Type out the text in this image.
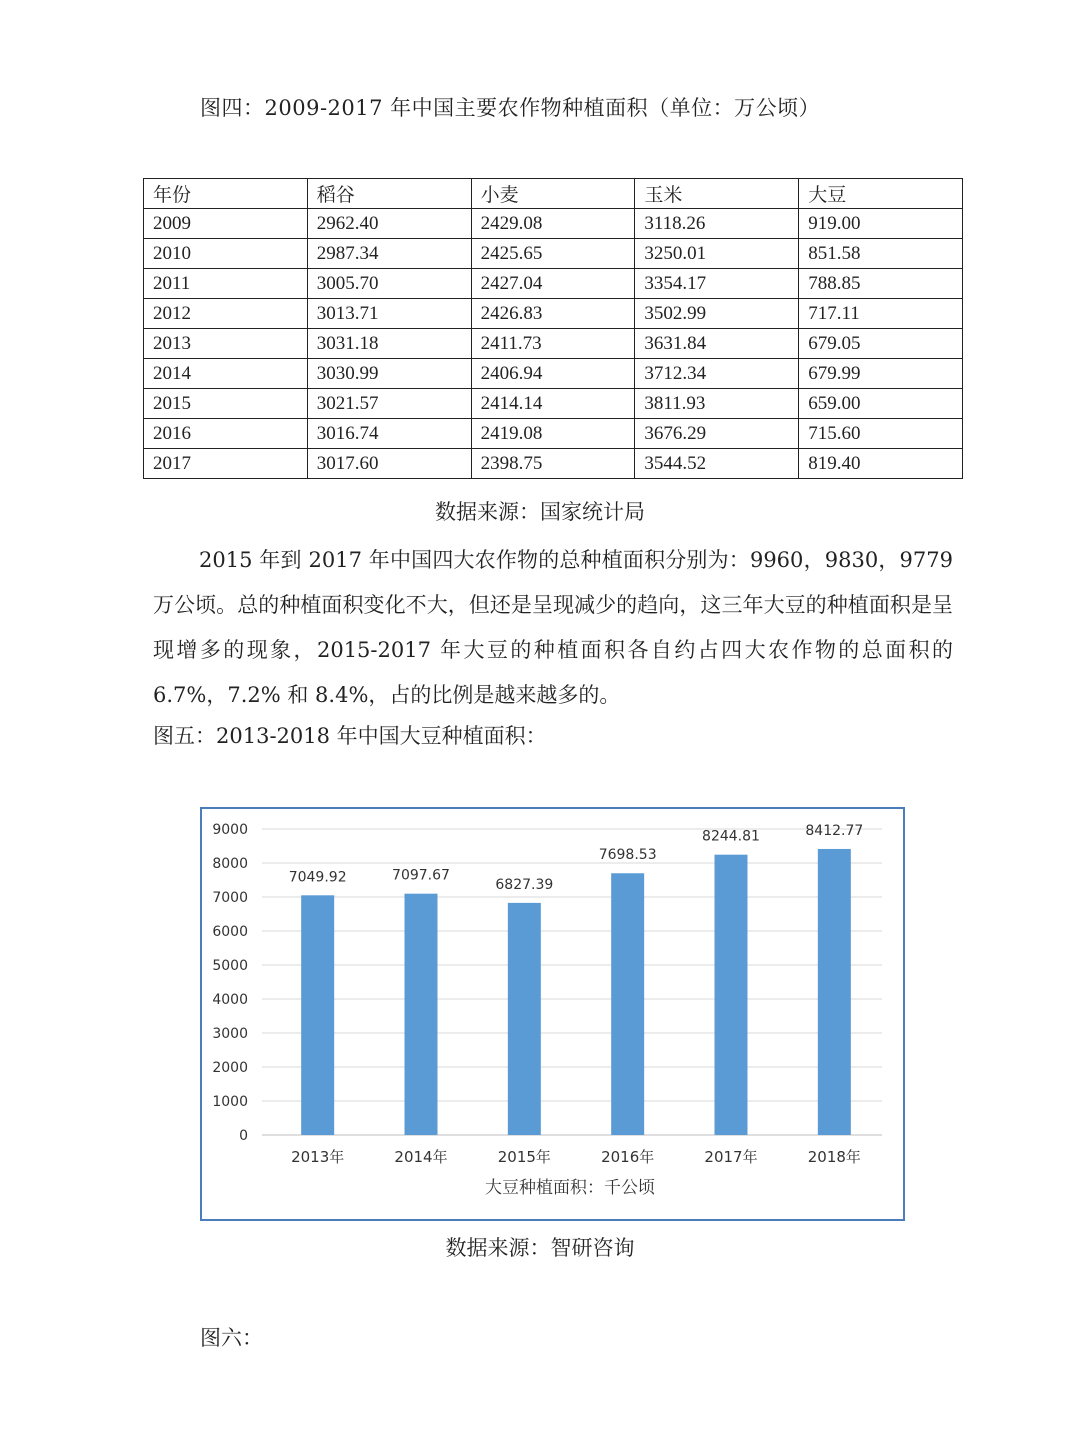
图四：2009-2017 年中国主要农作物种植面积（单位：万公顷）
年份	稻谷	小麦	玉米	大豆
2009	2962.40	2429.08	3118.26	919.00
2010	2987.34	2425.65	3250.01	851.58
2011	3005.70	2427.04	3354.17	788.85
2012	3013.71	2426.83	3502.99	717.11
2013	3031.18	2411.73	3631.84	679.05
2014	3030.99	2406.94	3712.34	679.99
2015	3021.57	2414.14	3811.93	659.00
2016	3016.74	2419.08	3676.29	715.60
2017	3017.60	2398.75	3544.52	819.40
数据来源：国家统计局
2015 年到 2017 年中国四大农作物的总种植面积分别为：9960，9830，9779 万公顷。总的种植面积变化不大，但还是呈现减少的趋向，这三年大豆的种植面积是呈现增多的现象，2015-2017 年大豆的种植面积各自约占四大农作物的总面积的 6.7%，7.2% 和 8.4%，占的比例是越来越多的。
图五：2013-2018 年中国大豆种植面积：
0
1000
2000
3000
4000
5000
6000
7000
8000
9000
7049.92	7097.67
6827.39
7698.53
8244.81	8412.77
2013年	2014年	2015年	2016年	2017年	2018年
大豆种植面积：千公顷
数据来源：智研咨询
图六：
